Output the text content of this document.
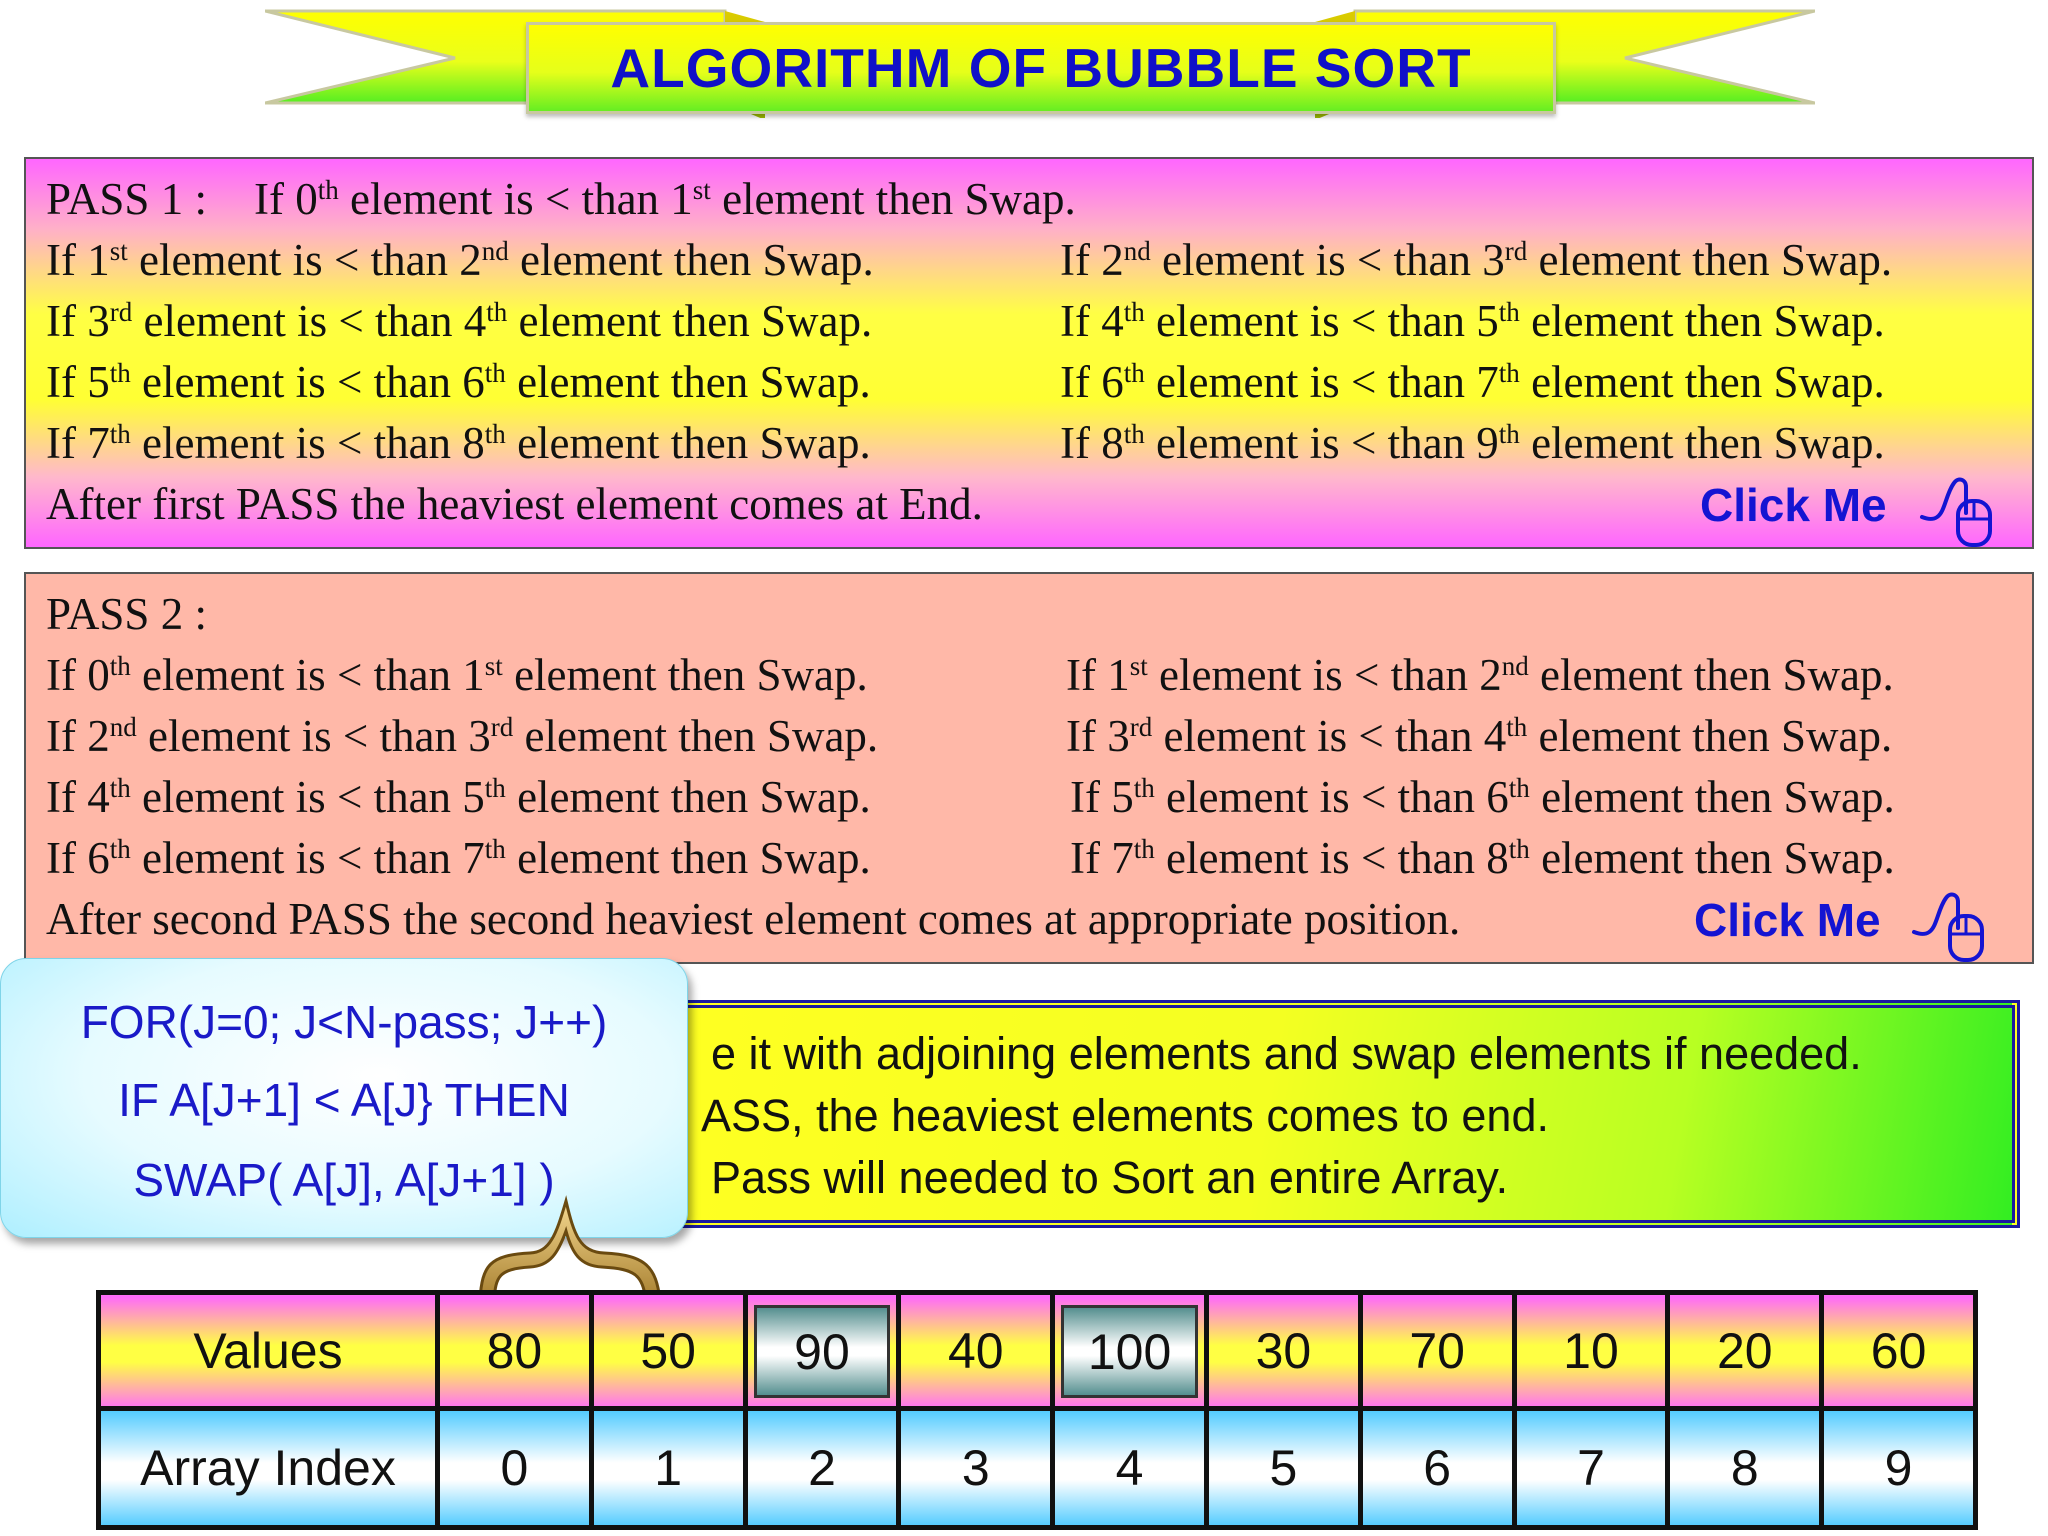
ALGORITHM OF BUBBLE SORT
PASS 1 : If 0th element is < than 1st element then Swap.
If 1st element is < than 2nd element then Swap.	If 2nd element is < than 3rd element then Swap.
If 3rd element is < than 4th element then Swap.	If 4th element is < than 5th element then Swap.
If 5th element is < than 6th element then Swap.	If 6th element is < than 7th element then Swap.
If 7th element is < than 8th element then Swap.	If 8th element is < than 9th element then Swap.
After first PASS the heaviest element comes at End.	Click Me
PASS 2 :
If 0th element is < than 1st element then Swap.	If 1st element is < than 2nd element then Swap.
If 2nd element is < than 3rd element then Swap.	If 3rd element is < than 4th element then Swap.
If 4th element is < than 5th element then Swap.	If 5th element is < than 6th element then Swap.
If 6th element is < than 7th element then Swap.	If 7th element is < than 8th element then Swap.
After second PASS the second heaviest element comes at appropriate position.	Click Me
e it with adjoining elements and swap elements if needed.
ASS, the heaviest elements comes to end.
Pass will needed to Sort an entire Array.
FOR(J=0; J<N-pass; J++)
IF A[J+1] < A[J} THEN
SWAP( A[J], A[J+1] )
Values	80	50	90	40	100	30	70	10	20	60
Array Index	0	1	2	3	4	5	6	7	8	9
